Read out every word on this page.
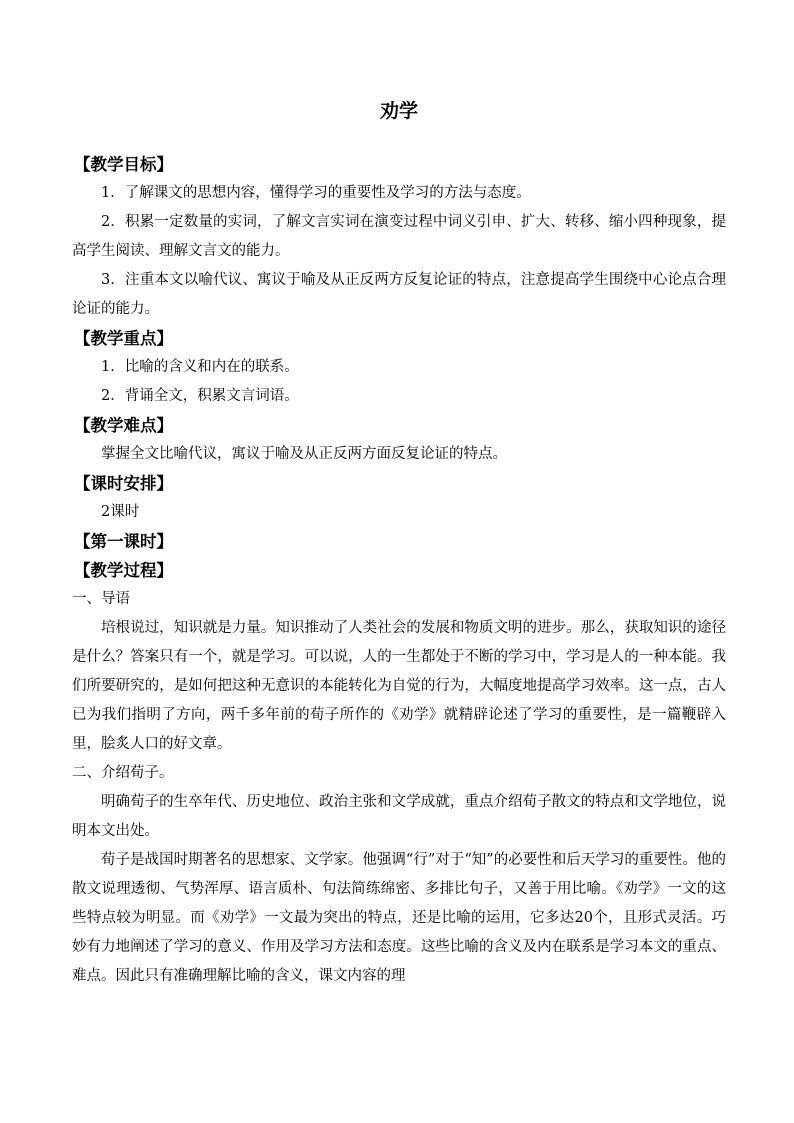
劝学
【教学目标】
1．了解课文的思想内容，懂得学习的重要性及学习的方法与态度。
2．积累一定数量的实词，了解文言实词在演变过程中词义引申、扩大、转移、缩小四种现象，提高学生阅读、理解文言文的能力。
3．注重本文以喻代议、寓议于喻及从正反两方反复论证的特点，注意提高学生围绕中心论点合理论证的能力。
【教学重点】
1．比喻的含义和内在的联系。
2．背诵全文，积累文言词语。
【教学难点】
掌握全文比喻代议，寓议于喻及从正反两方面反复论证的特点。
【课时安排】
2课时
【第一课时】
【教学过程】
一、导语
培根说过，知识就是力量。知识推动了人类社会的发展和物质文明的进步。那么，获取知识的途径是什么？答案只有一个，就是学习。可以说，人的一生都处于不断的学习中，学习是人的一种本能。我们所要研究的，是如何把这种无意识的本能转化为自觉的行为，大幅度地提高学习效率。这一点，古人已为我们指明了方向，两千多年前的荀子所作的《劝学》就精辟论述了学习的重要性，是一篇鞭辟入里，脍炙人口的好文章。
二、介绍荀子。
明确荀子的生卒年代、历史地位、政治主张和文学成就，重点介绍荀子散文的特点和文学地位，说明本文出处。
荀子是战国时期著名的思想家、文学家。他强调“行”对于“知”的必要性和后天学习的重要性。他的散文说理透彻、气势浑厚、语言质朴、句法简练绵密、多排比句子，又善于用比喻。《劝学》一文的这些特点较为明显。而《劝学》一文最为突出的特点，还是比喻的运用，它多达20个，且形式灵活。巧妙有力地阐述了学习的意义、作用及学习方法和态度。这些比喻的含义及内在联系是学习本文的重点、难点。因此只有准确理解比喻的含义，课文内容的理
